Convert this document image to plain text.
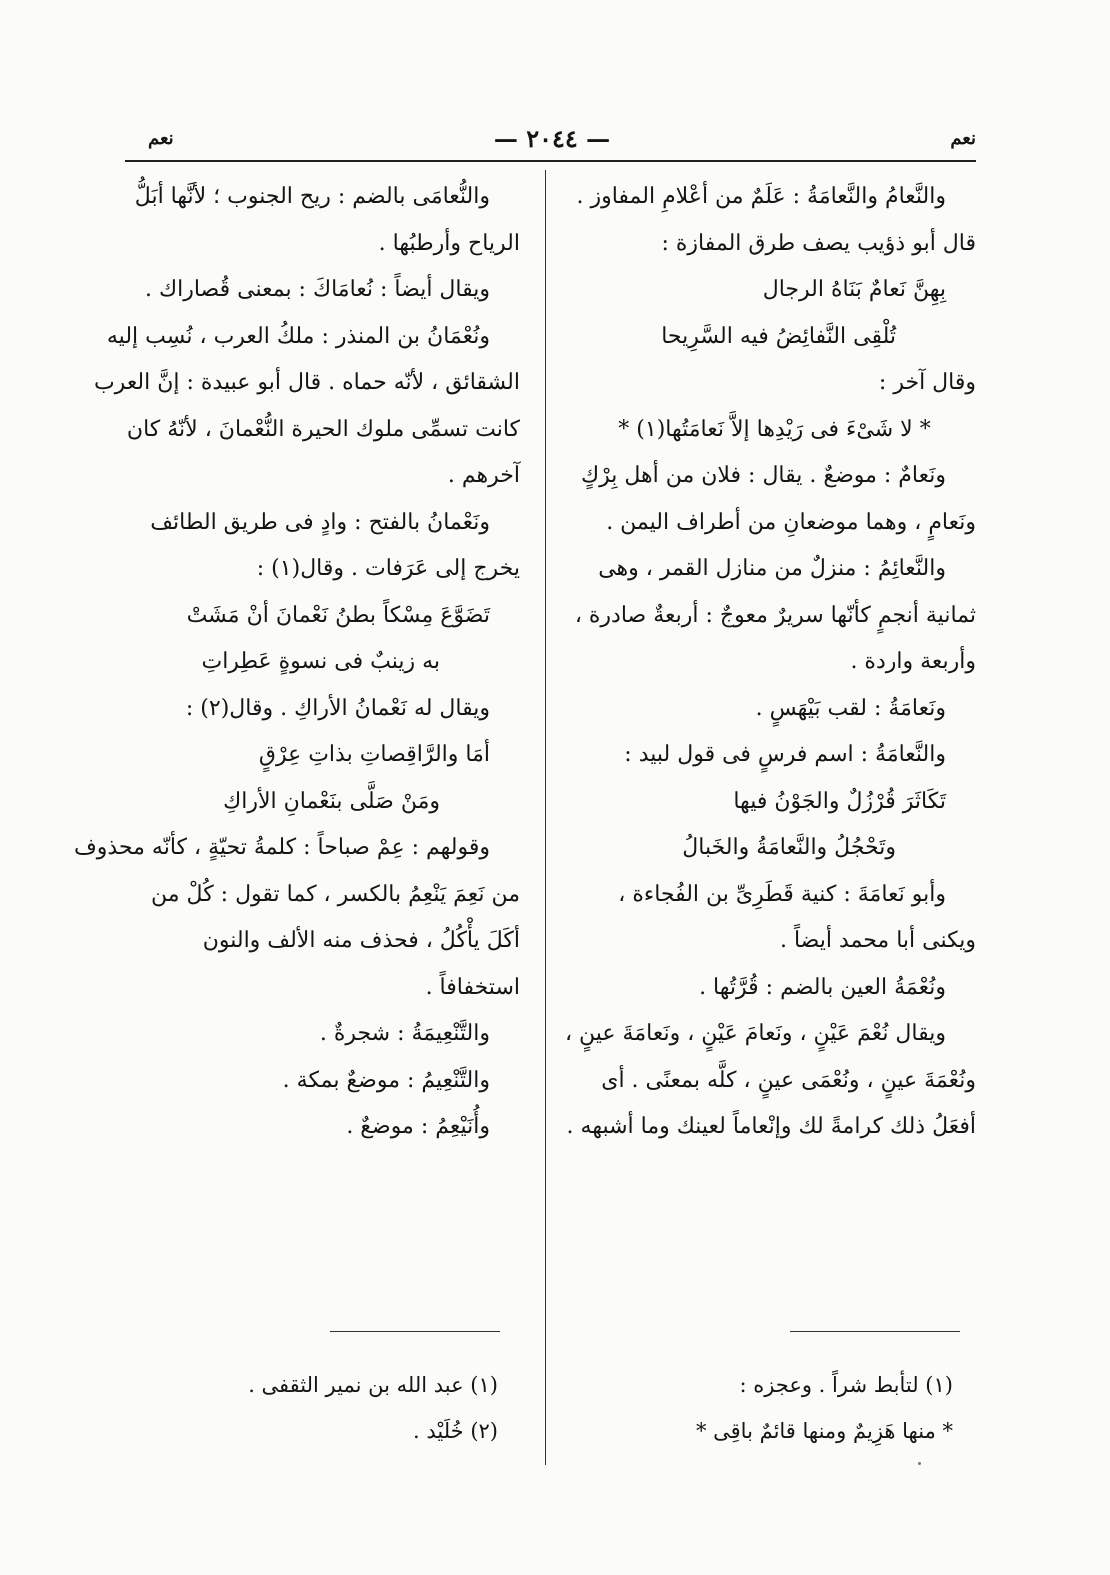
نعم
— ٢٠٤٤ —
نعم
والنَّعامُ والنَّعامَةُ : عَلَمٌ من أعْلامِ المفاوز .
قال أبو ذؤيب يصف طرق المفازة :
بِهِنَّ نَعامٌ بَنَاهُ الرجال
تُلْقِى النَّفائِضُ فيه السَّرِيحا
وقال آخر :
* لا شَىْءَ فى رَيْدِها إلاَّ نَعامَتُها(١) *
ونَعامٌ : موضعٌ . يقال : فلان من أهل بِرْكٍ
ونَعامٍ ، وهما موضعانِ من أطراف اليمن .
والنَّعائِمُ : منزلٌ من منازل القمر ، وهى
ثمانية أنجمٍ كأنّها سريرٌ معوجٌ : أربعةٌ صادرة ،
وأربعة واردة .
ونَعامَةُ : لقب بَيْهَسٍ .
والنَّعامَةُ : اسم فرسٍ فى قول لبيد :
تَكَاثَرَ قُرْزُلٌ والجَوْنُ فيها
وتَحْجُلُ والنَّعامَةُ والخَبالُ
وأبو نَعامَةَ : كنية قَطَرِىِّ بن الفُجاءة ،
ويكنى أبا محمد أيضاً .
ونُعْمَةُ العين بالضم : قُرَّتُها .
ويقال نُعْمَ عَيْنٍ ، ونَعامَ عَيْنٍ ، ونَعامَةَ عينٍ ،
ونُعْمَةَ عينٍ ، ونُعْمَى عينٍ ، كلَّه بمعنًى . أى
أفعَلُ ذلك كرامةً لك وإنْعاماً لعينك وما أشبهه .
والنُّعامَى بالضم : ريح الجنوب ؛ لأنَّها أبَلُّ
الرياح وأرطبُها .
ويقال أيضاً : نُعامَاكَ : بمعنى قُصاراك .
ونُعْمَانُ بن المنذر : ملكُ العرب ، نُسِب إليه
الشقائق ، لأنّه حماه . قال أبو عبيدة : إنَّ العرب
كانت تسمِّى ملوك الحيرة النُّعْمانَ ، لأنّهُ كان
آخرهم .
ونَعْمانُ بالفتح : وادٍ فى طريق الطائف
يخرج إلى عَرَفات . وقال(١) :
تَضَوَّعَ مِسْكاً بطنُ نَعْمانَ أنْ مَشَتْ
به زينبٌ فى نسوةٍ عَطِراتِ
ويقال له نَعْمانُ الأراكِ . وقال(٢) :
أمَا والرَّاقِصاتِ بذاتِ عِرْقٍ
ومَنْ صَلَّى بنَعْمانِ الأراكِ
وقولهم : عِمْ صباحاً : كلمةُ تحيّةٍ ، كأنّه محذوف
من نَعِمَ يَنْعِمُ بالكسر ، كما تقول : كُلْ من
أكَلَ يأْكُلُ ، فحذف منه الألف والنون
استخفافاً .
والتَّنْعِيمَةُ : شجرةٌ .
والتَّنْعِيمُ : موضعٌ بمكة .
وأُنَيْعِمُ : موضعٌ .
(١) لتأبط شراً . وعجزه :
* منها هَزِيمٌ ومنها قائمٌ باقِى *
(١) عبد الله بن نمير الثقفى .
(٢) خُلَيْد .
